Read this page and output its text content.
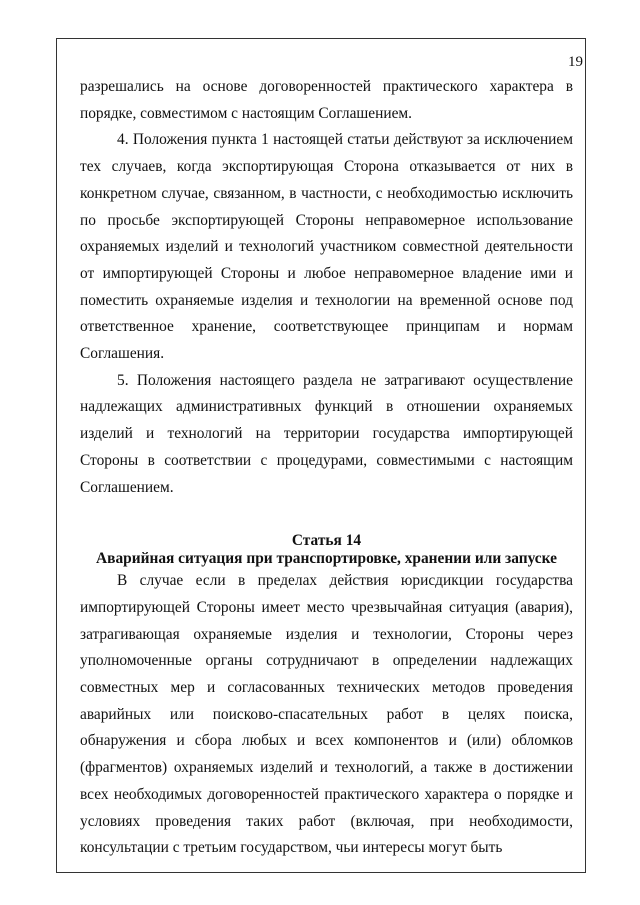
19

разрешались на основе договоренностей практического характера в порядке, совместимом с настоящим Соглашением.

4. Положения пункта 1 настоящей статьи действуют за исключением тех случаев, когда экспортирующая Сторона отказывается от них в конкретном случае, связанном, в частности, с необходимостью исключить по просьбе экспортирующей Стороны неправомерное использование охраняемых изделий и технологий участником совместной деятельности от импортирующей Стороны и любое неправомерное владение ими и поместить охраняемые изделия и технологии на временной основе под ответственное хранение, соответствующее принципам и нормам Соглашения.

5. Положения настоящего раздела не затрагивают осуществление надлежащих административных функций в отношении охраняемых изделий и технологий на территории государства импортирующей Стороны в соответствии с процедурами, совместимыми с настоящим Соглашением.

Статья 14

Аварийная ситуация при транспортировке, хранении или запуске

В случае если в пределах действия юрисдикции государства импортирующей Стороны имеет место чрезвычайная ситуация (авария), затрагивающая охраняемые изделия и технологии, Стороны через уполномоченные органы сотрудничают в определении надлежащих совместных мер и согласованных технических методов проведения аварийных или поисково-спасательных работ в целях поиска, обнаружения и сбора любых и всех компонентов и (или) обломков (фрагментов) охраняемых изделий и технологий, а также в достижении всех необходимых договоренностей практического характера о порядке и условиях проведения таких работ (включая, при необходимости, консультации с третьим государством, чьи интересы могут быть
